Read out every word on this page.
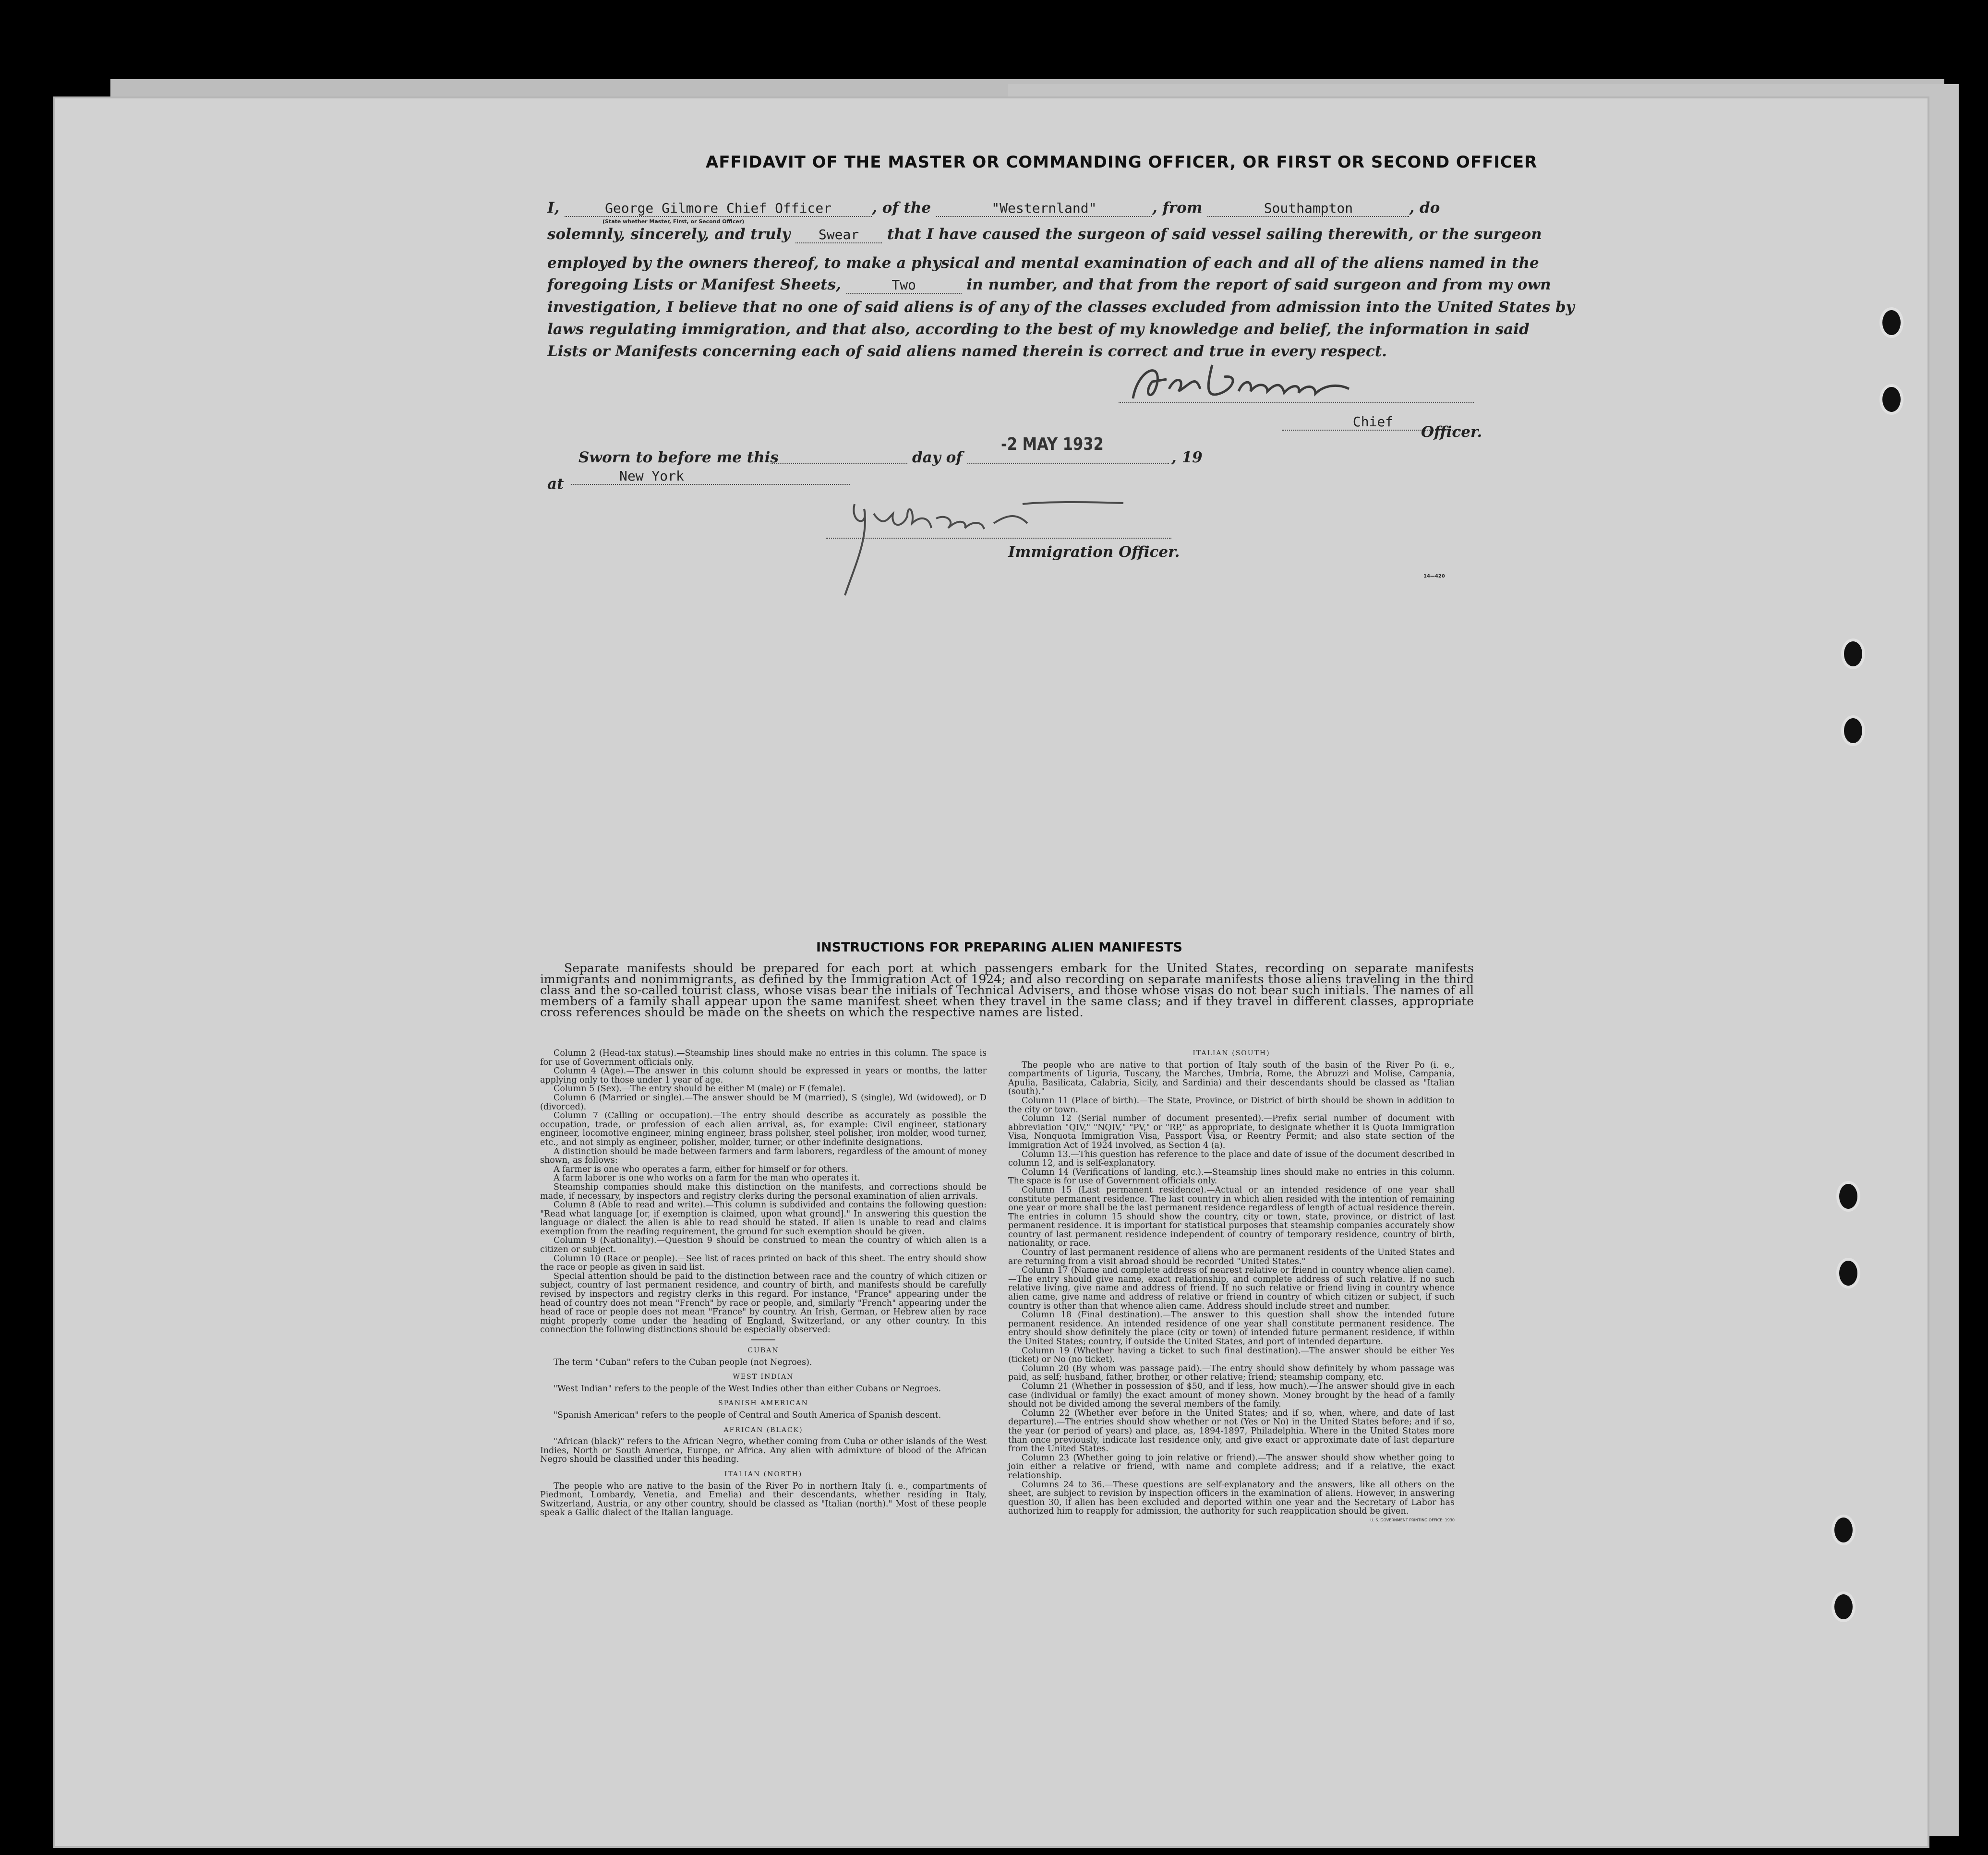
AFFIDAVIT OF THE MASTER OR COMMANDING OFFICER, OR FIRST OR SECOND OFFICER
I,	George Gilmore Chief Officer	, of the	"Westernland"	, from	Southampton	, do
(State whether Master, First, or Second Officer)
solemnly, sincerely, and truly Swear that I have caused the surgeon of said vessel sailing therewith, or the surgeon
employed by the owners thereof, to make a physical and mental examination of each and all of the aliens named in the
foregoing Lists or Manifest Sheets,	Two	in number, and that from the report of said surgeon and from my own
investigation, I believe that no one of said aliens is of any of the classes excluded from admission into the United States by
laws regulating immigration, and that also, according to the best of my knowledge and belief, the information in said
Lists or Manifests concerning each of said aliens named therein is correct and true in every respect.
Chief
Officer.
Sworn to before me this	day of
-2 MAY 1932
, 19
at	New York
Immigration Officer.
14—420
INSTRUCTIONS FOR PREPARING ALIEN MANIFESTS
Separate manifests should be prepared for each port at which passengers embark for the United States, recording on separate manifests immigrants and nonimmigrants, as defined by the Immigration Act of 1924; and also recording on separate manifests those aliens traveling in the third class and the so-called tourist class, whose visas bear the initials of Technical Advisers, and those whose visas do not bear such initials. The names of all members of a family shall appear upon the same manifest sheet when they travel in the same class; and if they travel in different classes, appropriate cross references should be made on the sheets on which the respective names are listed.

Column 2 (Head-tax status).—Steamship lines should make no entries in this column. The space is for use of Government officials only.

Column 4 (Age).—The answer in this column should be expressed in years or months, the latter applying only to those under 1 year of age.

Column 5 (Sex).—The entry should be either M (male) or F (female).

Column 6 (Married or single).—The answer should be M (married), S (single), Wd (widowed), or D (divorced).

Column 7 (Calling or occupation).—The entry should describe as accurately as possible the occupation, trade, or profession of each alien arrival, as, for example: Civil engineer, stationary engineer, locomotive engineer, mining engineer, brass polisher, steel polisher, iron molder, wood turner, etc., and not simply as engineer, polisher, molder, turner, or other indefinite designations.

A distinction should be made between farmers and farm laborers, regardless of the amount of money shown, as follows:

A farmer is one who operates a farm, either for himself or for others.

A farm laborer is one who works on a farm for the man who operates it.

Steamship companies should make this distinction on the manifests, and corrections should be made, if necessary, by inspectors and registry clerks during the personal examination of alien arrivals.

Column 8 (Able to read and write).—This column is subdivided and contains the following question: "Read what language [or, if exemption is claimed, upon what ground]." In answering this question the language or dialect the alien is able to read should be stated. If alien is unable to read and claims exemption from the reading requirement, the ground for such exemption should be given.

Column 9 (Nationality).—Question 9 should be construed to mean the country of which alien is a citizen or subject.

Column 10 (Race or people).—See list of races printed on back of this sheet. The entry should show the race or people as given in said list.

Special attention should be paid to the distinction between race and the country of which citizen or subject, country of last permanent residence, and country of birth, and manifests should be carefully revised by inspectors and registry clerks in this regard. For instance, "France" appearing under the head of country does not mean "French" by race or people, and, similarly "French" appearing under the head of race or people does not mean "France" by country. An Irish, German, or Hebrew alien by race might properly come under the heading of England, Switzerland, or any other country. In this connection the following distinctions should be especially observed:

CUBAN

The term "Cuban" refers to the Cuban people (not Negroes).

WEST INDIAN

"West Indian" refers to the people of the West Indies other than either Cubans or Negroes.

SPANISH AMERICAN

"Spanish American" refers to the people of Central and South America of Spanish descent.

AFRICAN (BLACK)

"African (black)" refers to the African Negro, whether coming from Cuba or other islands of the West Indies, North or South America, Europe, or Africa. Any alien with admixture of blood of the African Negro should be classified under this heading.

ITALIAN (NORTH)

The people who are native to the basin of the River Po in northern Italy (i. e., compartments of Piedmont, Lombardy, Venetia, and Emelia) and their descendants, whether residing in Italy, Switzerland, Austria, or any other country, should be classed as "Italian (north)." Most of these people speak a Gallic dialect of the Italian language.

ITALIAN (SOUTH)

The people who are native to that portion of Italy south of the basin of the River Po (i. e., compartments of Liguria, Tuscany, the Marches, Umbria, Rome, the Abruzzi and Molise, Campania, Apulia, Basilicata, Calabria, Sicily, and Sardinia) and their descendants should be classed as "Italian (south)."

Column 11 (Place of birth).—The State, Province, or District of birth should be shown in addition to the city or town.

Column 12 (Serial number of document presented).—Prefix serial number of document with abbreviation "QIV," "NQIV," "PV," or "RP," as appropriate, to designate whether it is Quota Immigration Visa, Nonquota Immigration Visa, Passport Visa, or Reentry Permit; and also state section of the Immigration Act of 1924 involved, as Section 4 (a).

Column 13.—This question has reference to the place and date of issue of the document described in column 12, and is self-explanatory.

Column 14 (Verifications of landing, etc.).—Steamship lines should make no entries in this column. The space is for use of Government officials only.

Column 15 (Last permanent residence).—Actual or an intended residence of one year shall constitute permanent residence. The last country in which alien resided with the intention of remaining one year or more shall be the last permanent residence regardless of length of actual residence therein. The entries in column 15 should show the country, city or town, state, province, or district of last permanent residence. It is important for statistical purposes that steamship companies accurately show country of last permanent residence independent of country of temporary residence, country of birth, nationality, or race.

Country of last permanent residence of aliens who are permanent residents of the United States and are returning from a visit abroad should be recorded "United States."

Column 17 (Name and complete address of nearest relative or friend in country whence alien came).—The entry should give name, exact relationship, and complete address of such relative. If no such relative living, give name and address of friend. If no such relative or friend living in country whence alien came, give name and address of relative or friend in country of which citizen or subject, if such country is other than that whence alien came. Address should include street and number.

Column 18 (Final destination).—The answer to this question shall show the intended future permanent residence. An intended residence of one year shall constitute permanent residence. The entry should show definitely the place (city or town) of intended future permanent residence, if within the United States; country, if outside the United States, and port of intended departure.

Column 19 (Whether having a ticket to such final destination).—The answer should be either Yes (ticket) or No (no ticket).

Column 20 (By whom was passage paid).—The entry should show definitely by whom passage was paid, as self; husband, father, brother, or other relative; friend; steamship company, etc.

Column 21 (Whether in possession of $50, and if less, how much).—The answer should give in each case (individual or family) the exact amount of money shown. Money brought by the head of a family should not be divided among the several members of the family.

Column 22 (Whether ever before in the United States; and if so, when, where, and date of last departure).—The entries should show whether or not (Yes or No) in the United States before; and if so, the year (or period of years) and place, as, 1894-1897, Philadelphia. Where in the United States more than once previously, indicate last residence only, and give exact or approximate date of last departure from the United States.

Column 23 (Whether going to join relative or friend).—The answer should show whether going to join either a relative or friend, with name and complete address; and if a relative, the exact relationship.

Columns 24 to 36.—These questions are self-explanatory and the answers, like all others on the sheet, are subject to revision by inspection officers in the examination of aliens. However, in answering question 30, if alien has been excluded and deported within one year and the Secretary of Labor has authorized him to reapply for admission, the authority for such reapplication should be given.

U. S. GOVERNMENT PRINTING OFFICE: 1930
